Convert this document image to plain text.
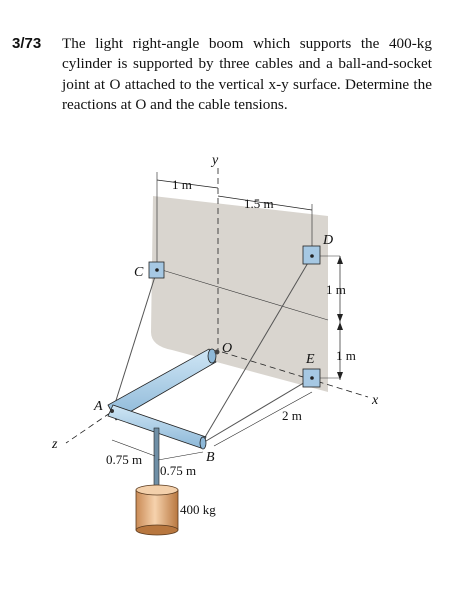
3/73 The light right-angle boom which supports the 400-kg cylinder is supported by three cables and a ball-and-socket joint at O attached to the vertical x-y surface. Determine the reactions at O and the cable tensions.
y
x
z
1 m
1.5 m
1 m
1 m
C
D
E
2 m
O
A
B
0.75 m
0.75 m
400 kg
